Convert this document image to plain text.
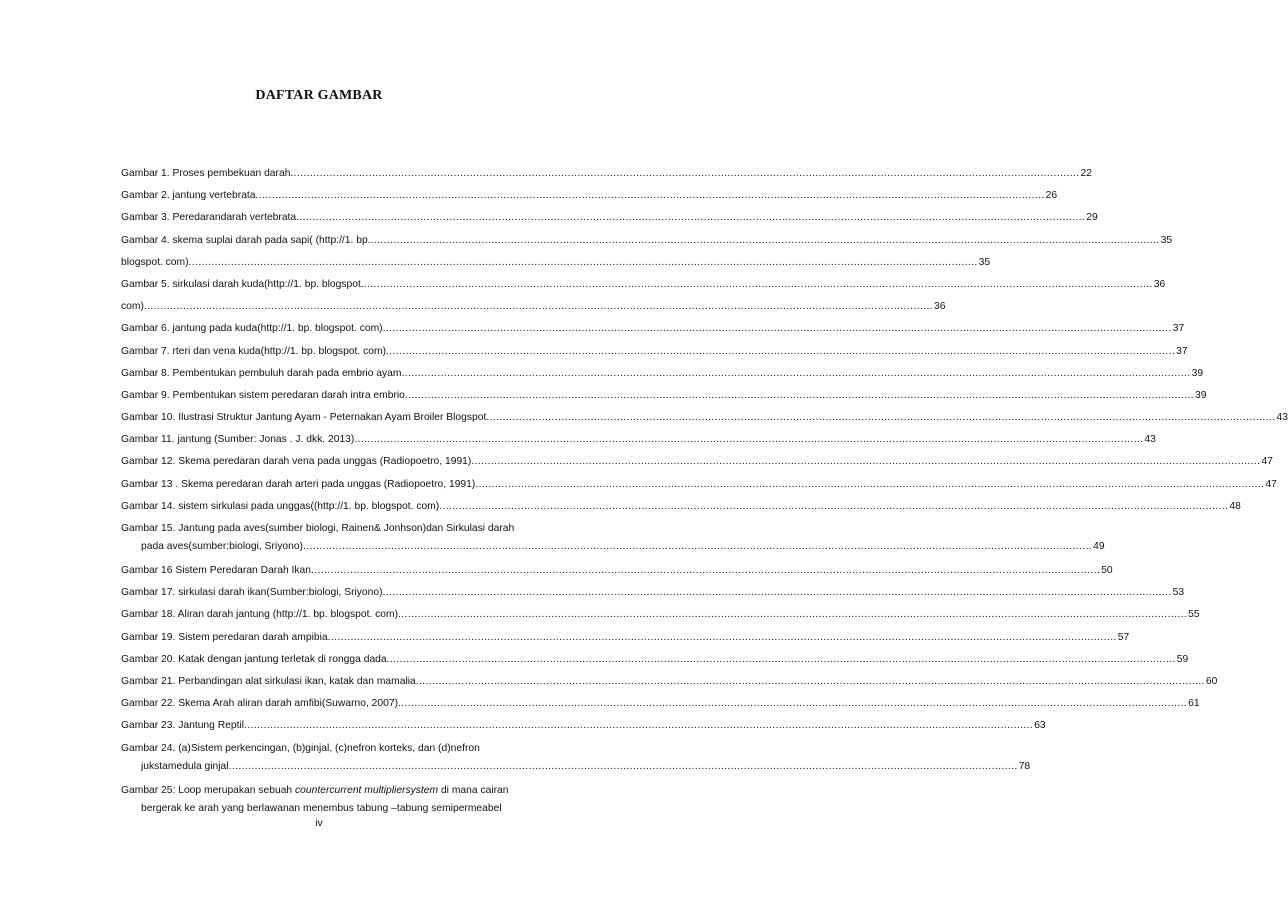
DAFTAR GAMBAR
Gambar 1. Proses pembekuan darah .....	22
Gambar 2. jantung vertebrata .....	26
Gambar 3. Peredarandarah vertebrata .....	29
Gambar 4. skema suplai darah pada sapi( (http://1. bp. .....	35
blogspot. com) .....	35
Gambar 5. sirkulasi darah kuda(http://1. bp. blogspot. .....	36
com) .....	36
Gambar 6. jantung pada kuda(http://1. bp. blogspot. com) .....	37
Gambar 7. rteri dan vena kuda(http://1. bp. blogspot. com) .....	37
Gambar 8. Pembentukan pembuluh darah pada embrio ayam .....	39
Gambar 9. Pembentukan sistem peredaran darah intra embrio .....	39
Gambar 10. Ilustrasi Struktur Jantung Ayam - Peternakan Ayam Broiler Blogspot .....	43
Gambar 11. jantung (Sumber: Jonas . J. dkk. 2013) .....	43
Gambar 12. Skema peredaran darah vena pada unggas (Radiopoetro, 1991) .....	47
Gambar 13 . Skema peredaran darah arteri pada unggas (Radiopoetro, 1991) .....	47
Gambar 14. sistem sirkulasi pada unggas((http://1. bp. blogspot. com) .....	48
Gambar 15. Jantung pada aves(sumber biologi, Rainen& Jonhson)dan Sirkulasi darah
pada aves(sumber:biologi, Sriyono) .....	49
Gambar 16 Sistem Peredaran Darah Ikan .....	50
Gambar 17. sirkulasi darah ikan(Sumber:biologi, Sriyono) .....	53
Gambar 18. Aliran darah jantung (http://1. bp. blogspot. com) .....	55
Gambar 19. Sistem peredaran darah ampibia .....	57
Gambar 20. Katak dengan jantung terletak di rongga dada .....	59
Gambar 21. Perbandingan alat sirkulasi ikan, katak dan mamalia .....	60
Gambar 22. Skema Arah aliran darah amfibi(Suwarno, 2007) .....	61
Gambar 23. Jantung Reptil .....	63
Gambar 24. (a)Sistem perkencingan, (b)ginjal, (c)nefron korteks, dan (d)nefron
jukstamedula ginjal .....	78
Gambar 25: Loop merupakan sebuah countercurrent multipliersystem di mana cairan
bergerak ke arah yang berlawanan menembus tabung –tabung semipermeabel
iv
